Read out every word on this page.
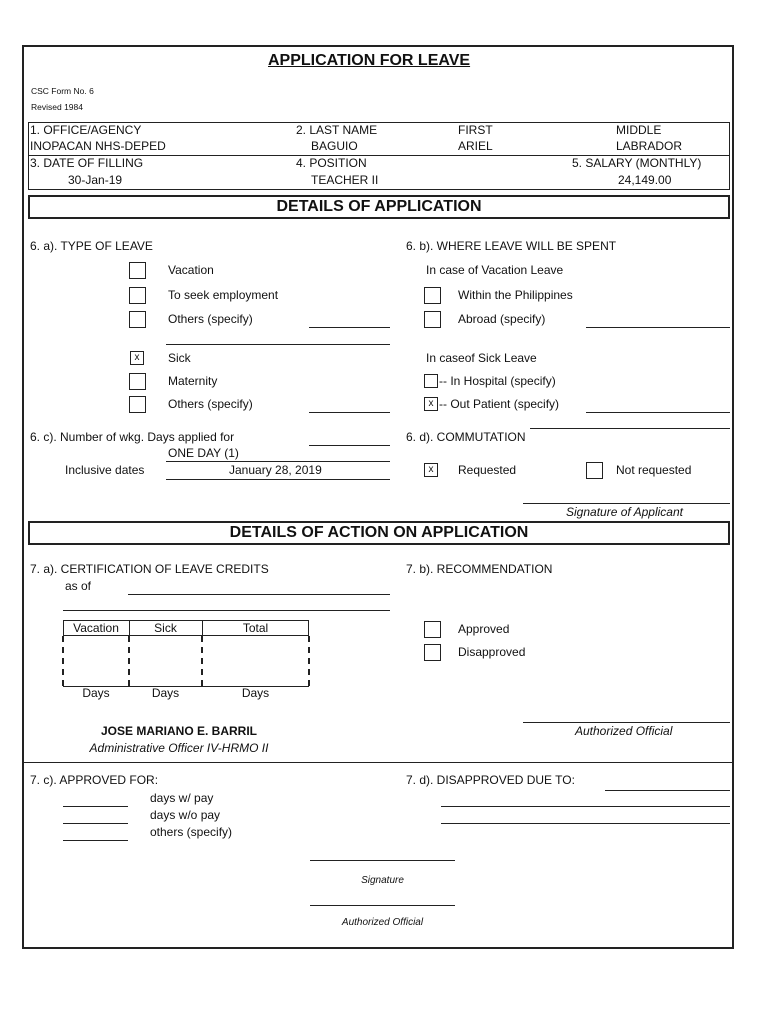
APPLICATION FOR LEAVE
CSC Form No. 6
Revised 1984
1. OFFICE/AGENCY
INOPACAN NHS-DEPED
2. LAST NAME
BAGUIO
FIRST
ARIEL
MIDDLE
LABRADOR
3. DATE OF FILLING
30-Jan-19
4. POSITION
TEACHER II
5. SALARY (MONTHLY)
24,149.00
DETAILS OF APPLICATION
6. a). TYPE OF LEAVE
Vacation
To seek employment
Others (specify)
x	Sick
Maternity
Others (specify)
6. b). WHERE LEAVE WILL BE SPENT
In case of Vacation Leave
Within the Philippines
Abroad (specify)
In caseof Sick Leave
-- In Hospital (specify)
x -- Out Patient (specify)
6. c). Number of wkg. Days applied for
ONE DAY (1)
Inclusive dates	January 28, 2019
6. d). COMMUTATION
x	Requested	Not requested
Signature of Applicant
DETAILS OF ACTION ON APPLICATION
7. a). CERTIFICATION OF LEAVE CREDITS
as of
Vacation	Sick	Total
Days	Days	Days
7. b). RECOMMENDATION
Approved
Disapproved
JOSE MARIANO E. BARRIL
Administrative Officer IV-HRMO II
Authorized Official
7. c). APPROVED FOR:
days w/ pay
days w/o pay
others (specify)
7. d). DISAPPROVED DUE TO:
Signature
Authorized Official
